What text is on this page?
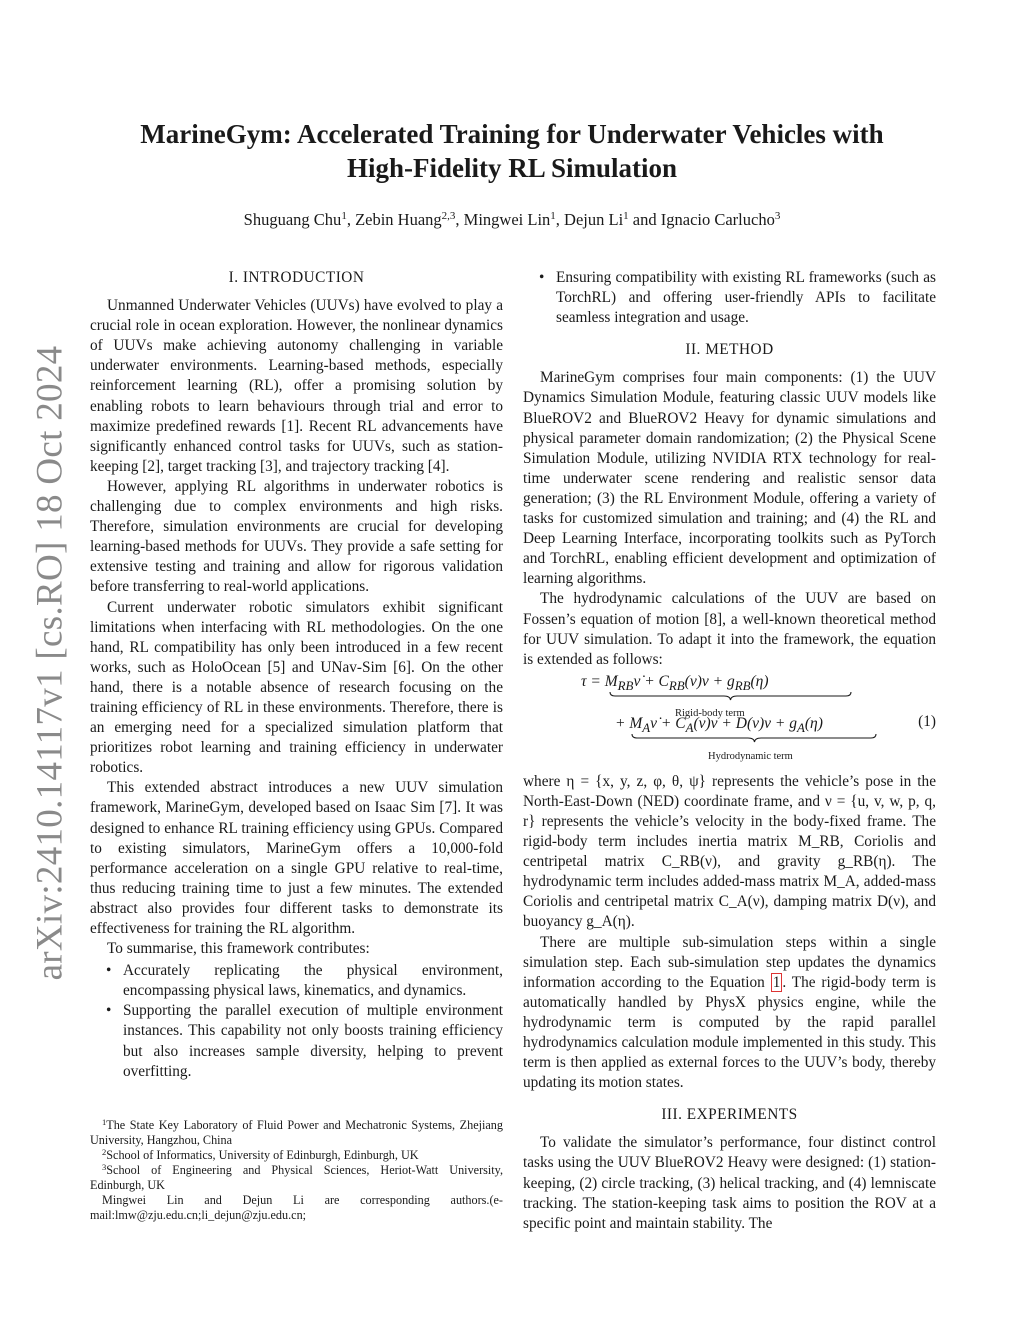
arXiv:2410.14117v1 [cs.RO] 18 Oct 2024
MarineGym: Accelerated Training for Underwater Vehicles with
High-Fidelity RL Simulation
Shuguang Chu$^1$, Zebin Huang$^{2,3}$, Mingwei Lin$^1$, Dejun Li$^1$ and Ignacio Carlucho$^3$
I. INTRODUCTION

Unmanned Underwater Vehicles (UUVs) have evolved to play a crucial role in ocean exploration. However, the nonlinear dynamics of UUVs make achieving autonomy challenging in variable underwater environments. Learning-based methods, especially reinforcement learning (RL), offer a promising solution by enabling robots to learn behaviours through trial and error to maximize predefined rewards [1]. Recent RL advancements have significantly enhanced control tasks for UUVs, such as station-keeping [2], target tracking [3], and trajectory tracking [4].

However, applying RL algorithms in underwater robotics is challenging due to complex environments and high risks. Therefore, simulation environments are crucial for developing learning-based methods for UUVs. They provide a safe setting for extensive testing and training and allow for rigorous validation before transferring to real-world applications.

Current underwater robotic simulators exhibit significant limitations when interfacing with RL methodologies. On the one hand, RL compatibility has only been introduced in a few recent works, such as HoloOcean [5] and UNav-Sim [6]. On the other hand, there is a notable absence of research focusing on the training efficiency of RL in these environments. Therefore, there is an emerging need for a specialized simulation platform that prioritizes robot learning and training efficiency in underwater robotics.

This extended abstract introduces a new UUV simulation framework, MarineGym, developed based on Isaac Sim [7]. It was designed to enhance RL training efficiency using GPUs. Compared to existing simulators, MarineGym offers a 10,000-fold performance acceleration on a single GPU relative to real-time, thus reducing training time to just a few minutes. The extended abstract also provides four different tasks to demonstrate its effectiveness for training the RL algorithm.

To summarise, this framework contributes:

• Accurately replicating the physical environment, encompassing physical laws, kinematics, and dynamics.
• Supporting the parallel execution of multiple environment instances. This capability not only boosts training efficiency but also increases sample diversity, helping to prevent overfitting.

$^1$The State Key Laboratory of Fluid Power and Mechatronic Systems, Zhejiang University, Hangzhou, China

$^2$School of Informatics, University of Edinburgh, Edinburgh, UK

$^3$School of Engineering and Physical Sciences, Heriot-Watt University, Edinburgh, UK

Mingwei Lin and Dejun Li are corresponding authors.(e-mail:lmw@zju.edu.cn;li_dejun@zju.edu.cn;

• Ensuring compatibility with existing RL frameworks (such as TorchRL) and offering user-friendly APIs to facilitate seamless integration and usage.
II. METHOD

MarineGym comprises four main components: (1) the UUV Dynamics Simulation Module, featuring classic UUV models like BlueROV2 and BlueROV2 Heavy for dynamic simulations and physical parameter domain randomization; (2) the Physical Scene Simulation Module, utilizing NVIDIA RTX technology for real-time underwater scene rendering and realistic sensor data generation; (3) the RL Environment Module, offering a variety of tasks for customized simulation and training; and (4) the RL and Deep Learning Interface, incorporating toolkits such as PyTorch and TorchRL, enabling efficient development and optimization of learning algorithms.

The hydrodynamic calculations of the UUV are based on Fossen’s equation of motion [8], a well-known theoretical method for UUV simulation. To adapt it into the framework, the equation is extended as follows:

$\tau = M_{RB}\nu̇ + C_{RB}(\nu)\nu + g_{RB}(\eta)$
Rigid-body term
+ $M_A\nu̇ + C_A(\nu)\nu + D(\nu)\nu + g_A(\eta)$
Hydrodynamic term
(1)

where η = {x, y, z, φ, θ, ψ} represents the vehicle’s pose in the North-East-Down (NED) coordinate frame, and ν = {u, v, w, p, q, r} represents the vehicle’s velocity in the body-fixed frame. The rigid-body term includes inertia matrix M_RB, Coriolis and centripetal matrix C_RB(ν), and gravity g_RB(η). The hydrodynamic term includes added-mass matrix M_A, added-mass Coriolis and centripetal matrix C_A(ν), damping matrix D(ν), and buoyancy g_A(η).

There are multiple sub-simulation steps within a single simulation step. Each sub-simulation step updates the dynamics information according to the Equation 1 . The rigid-body term is automatically handled by PhysX physics engine, while the hydrodynamic term is computed by the rapid parallel hydrodynamics calculation module implemented in this study. This term is then applied as external forces to the UUV’s body, thereby updating its motion states.

III. EXPERIMENTS

To validate the simulator’s performance, four distinct control tasks using the UUV BlueROV2 Heavy were designed: (1) station-keeping, (2) circle tracking, (3) helical tracking, and (4) lemniscate tracking. The station-keeping task aims to position the ROV at a specific point and maintain stability. The
